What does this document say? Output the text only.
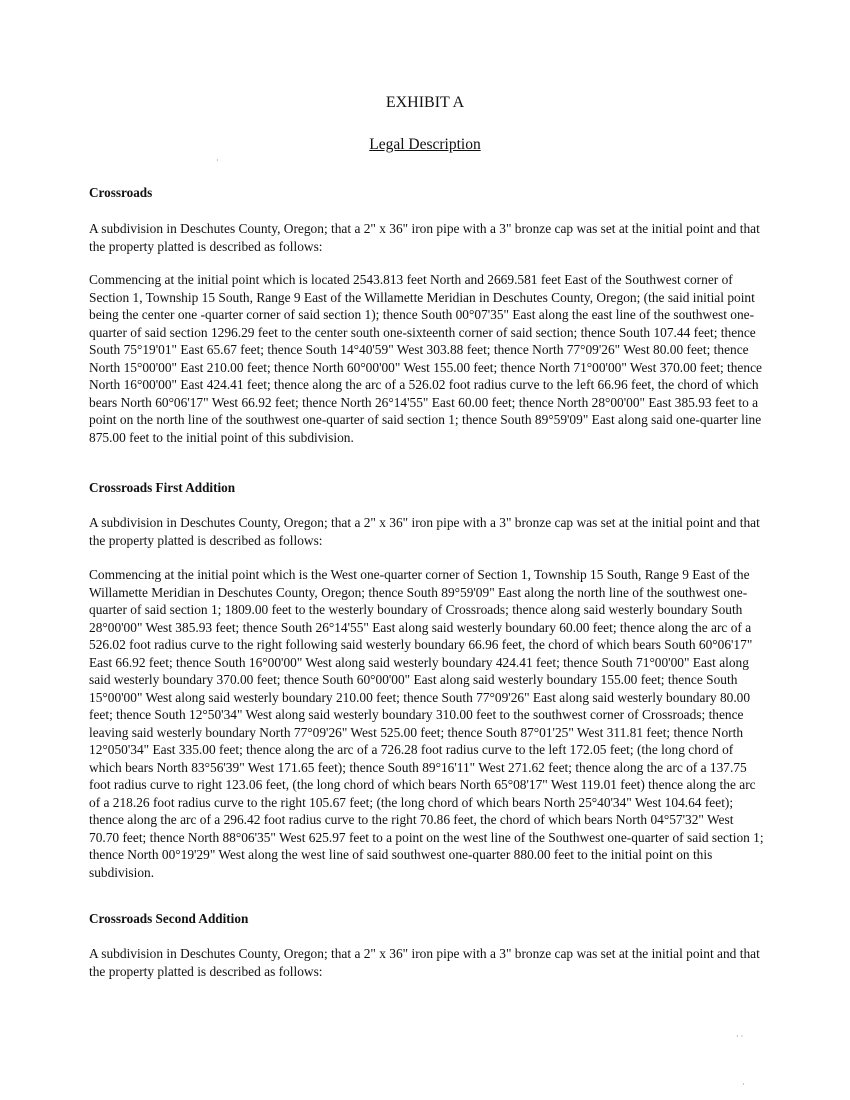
EXHIBIT A
Legal Description
Crossroads

A subdivision in Deschutes County, Oregon; that a 2" x 36" iron pipe with a 3" bronze cap was set at the initial point and that the property platted is described as follows:

Commencing at the initial point which is located 2543.813 feet North and 2669.581 feet East of the Southwest corner of Section 1, Township 15 South, Range 9 East of the Willamette Meridian in Deschutes County, Oregon; (the said initial point being the center one -quarter corner of said section 1); thence South 00°07'35" East along the east line of the southwest one-quarter of said section 1296.29 feet to the center south one-sixteenth corner of said section; thence South 107.44 feet; thence South 75°19'01" East 65.67 feet; thence South 14°40'59" West 303.88 feet; thence North 77°09'26" West 80.00 feet; thence North 15°00'00" East 210.00 feet; thence North 60°00'00" West 155.00 feet; thence North 71°00'00" West 370.00 feet; thence North 16°00'00" East 424.41 feet; thence along the arc of a 526.02 foot radius curve to the left 66.96 feet, the chord of which bears North 60°06'17" West 66.92 feet; thence North 26°14'55" East 60.00 feet; thence North 28°00'00" East 385.93 feet to a point on the north line of the southwest one-quarter of said section 1; thence South 89°59'09" East along said one-quarter line 875.00 feet to the initial point of this subdivision.

Crossroads First Addition

A subdivision in Deschutes County, Oregon; that a 2" x 36" iron pipe with a 3" bronze cap was set at the initial point and that the property platted is described as follows:

Commencing at the initial point which is the West one-quarter corner of Section 1, Township 15 South, Range 9 East of the Willamette Meridian in Deschutes County, Oregon; thence South 89°59'09" East along the north line of the southwest one-quarter of said section 1; 1809.00 feet to the westerly boundary of Crossroads; thence along said westerly boundary South 28°00'00" West 385.93 feet; thence South 26°14'55" East along said westerly boundary 60.00 feet; thence along the arc of a 526.02 foot radius curve to the right following said westerly boundary 66.96 feet, the chord of which bears South 60°06'17" East 66.92 feet; thence South 16°00'00" West along said westerly boundary 424.41 feet; thence South 71°00'00" East along said westerly boundary 370.00 feet; thence South 60°00'00" East along said westerly boundary 155.00 feet; thence South 15°00'00" West along said westerly boundary 210.00 feet; thence South 77°09'26" East along said westerly boundary 80.00 feet; thence South 12°50'34" West along said westerly boundary 310.00 feet to the southwest corner of Crossroads; thence leaving said westerly boundary North 77°09'26" West 525.00 feet; thence South 87°01'25" West 311.81 feet; thence North 12°050'34" East 335.00 feet; thence along the arc of a 726.28 foot radius curve to the left 172.05 feet; (the long chord of which bears North 83°56'39" West 171.65 feet); thence South 89°16'11" West 271.62 feet; thence along the arc of a 137.75 foot radius curve to right 123.06 feet, (the long chord of which bears North 65°08'17" West 119.01 feet) thence along the arc of a 218.26 foot radius curve to the right 105.67 feet; (the long chord of which bears North 25°40'34" West 104.64 feet); thence along the arc of a 296.42 foot radius curve to the right 70.86 feet, the chord of which bears North 04°57'32" West 70.70 feet; thence North 88°06'35" West 625.97 feet to a point on the west line of the Southwest one-quarter of said section 1; thence North 00°19'29" West along the west line of said southwest one-quarter 880.00 feet to the initial point on this subdivision.

Crossroads Second Addition

A subdivision in Deschutes County, Oregon; that a 2" x 36" iron pipe with a 3" bronze cap was set at the initial point and that the property platted is described as follows:

·
· ·
·
